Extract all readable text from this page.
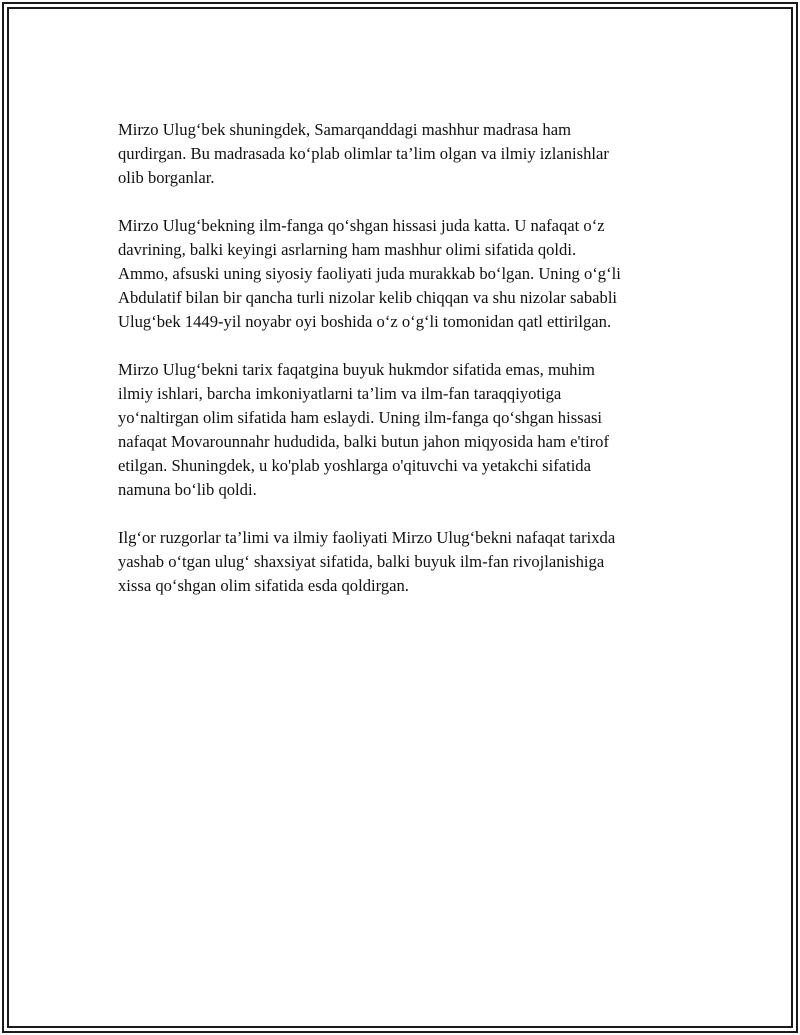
Mirzo Ulug‘bek shuningdek, Samarqanddagi mashhur madrasa ham
qurdirgan. Bu madrasada ko‘plab olimlar ta’lim olgan va ilmiy izlanishlar
olib borganlar.

Mirzo Ulug‘bekning ilm-fanga qo‘shgan hissasi juda katta. U nafaqat o‘z
davrining, balki keyingi asrlarning ham mashhur olimi sifatida qoldi.
Ammo, afsuski uning siyosiy faoliyati juda murakkab bo‘lgan. Uning o‘g‘li
Abdulatif bilan bir qancha turli nizolar kelib chiqqan va shu nizolar sababli
Ulug‘bek 1449-yil noyabr oyi boshida o‘z o‘g‘li tomonidan qatl ettirilgan.

Mirzo Ulug‘bekni tarix faqatgina buyuk hukmdor sifatida emas, muhim
ilmiy ishlari, barcha imkoniyatlarni ta’lim va ilm-fan taraqqiyotiga
yo‘naltirgan olim sifatida ham eslaydi. Uning ilm-fanga qo‘shgan hissasi
nafaqat Movarounnahr hududida, balki butun jahon miqyosida ham e'tirof
etilgan. Shuningdek, u ko'plab yoshlarga o'qituvchi va yetakchi sifatida
namuna bo‘lib qoldi.

Ilg‘or ruzgorlar ta’limi va ilmiy faoliyati Mirzo Ulug‘bekni nafaqat tarixda
yashab o‘tgan ulug‘ shaxsiyat sifatida, balki buyuk ilm-fan rivojlanishiga
xissa qo‘shgan olim sifatida esda qoldirgan.
